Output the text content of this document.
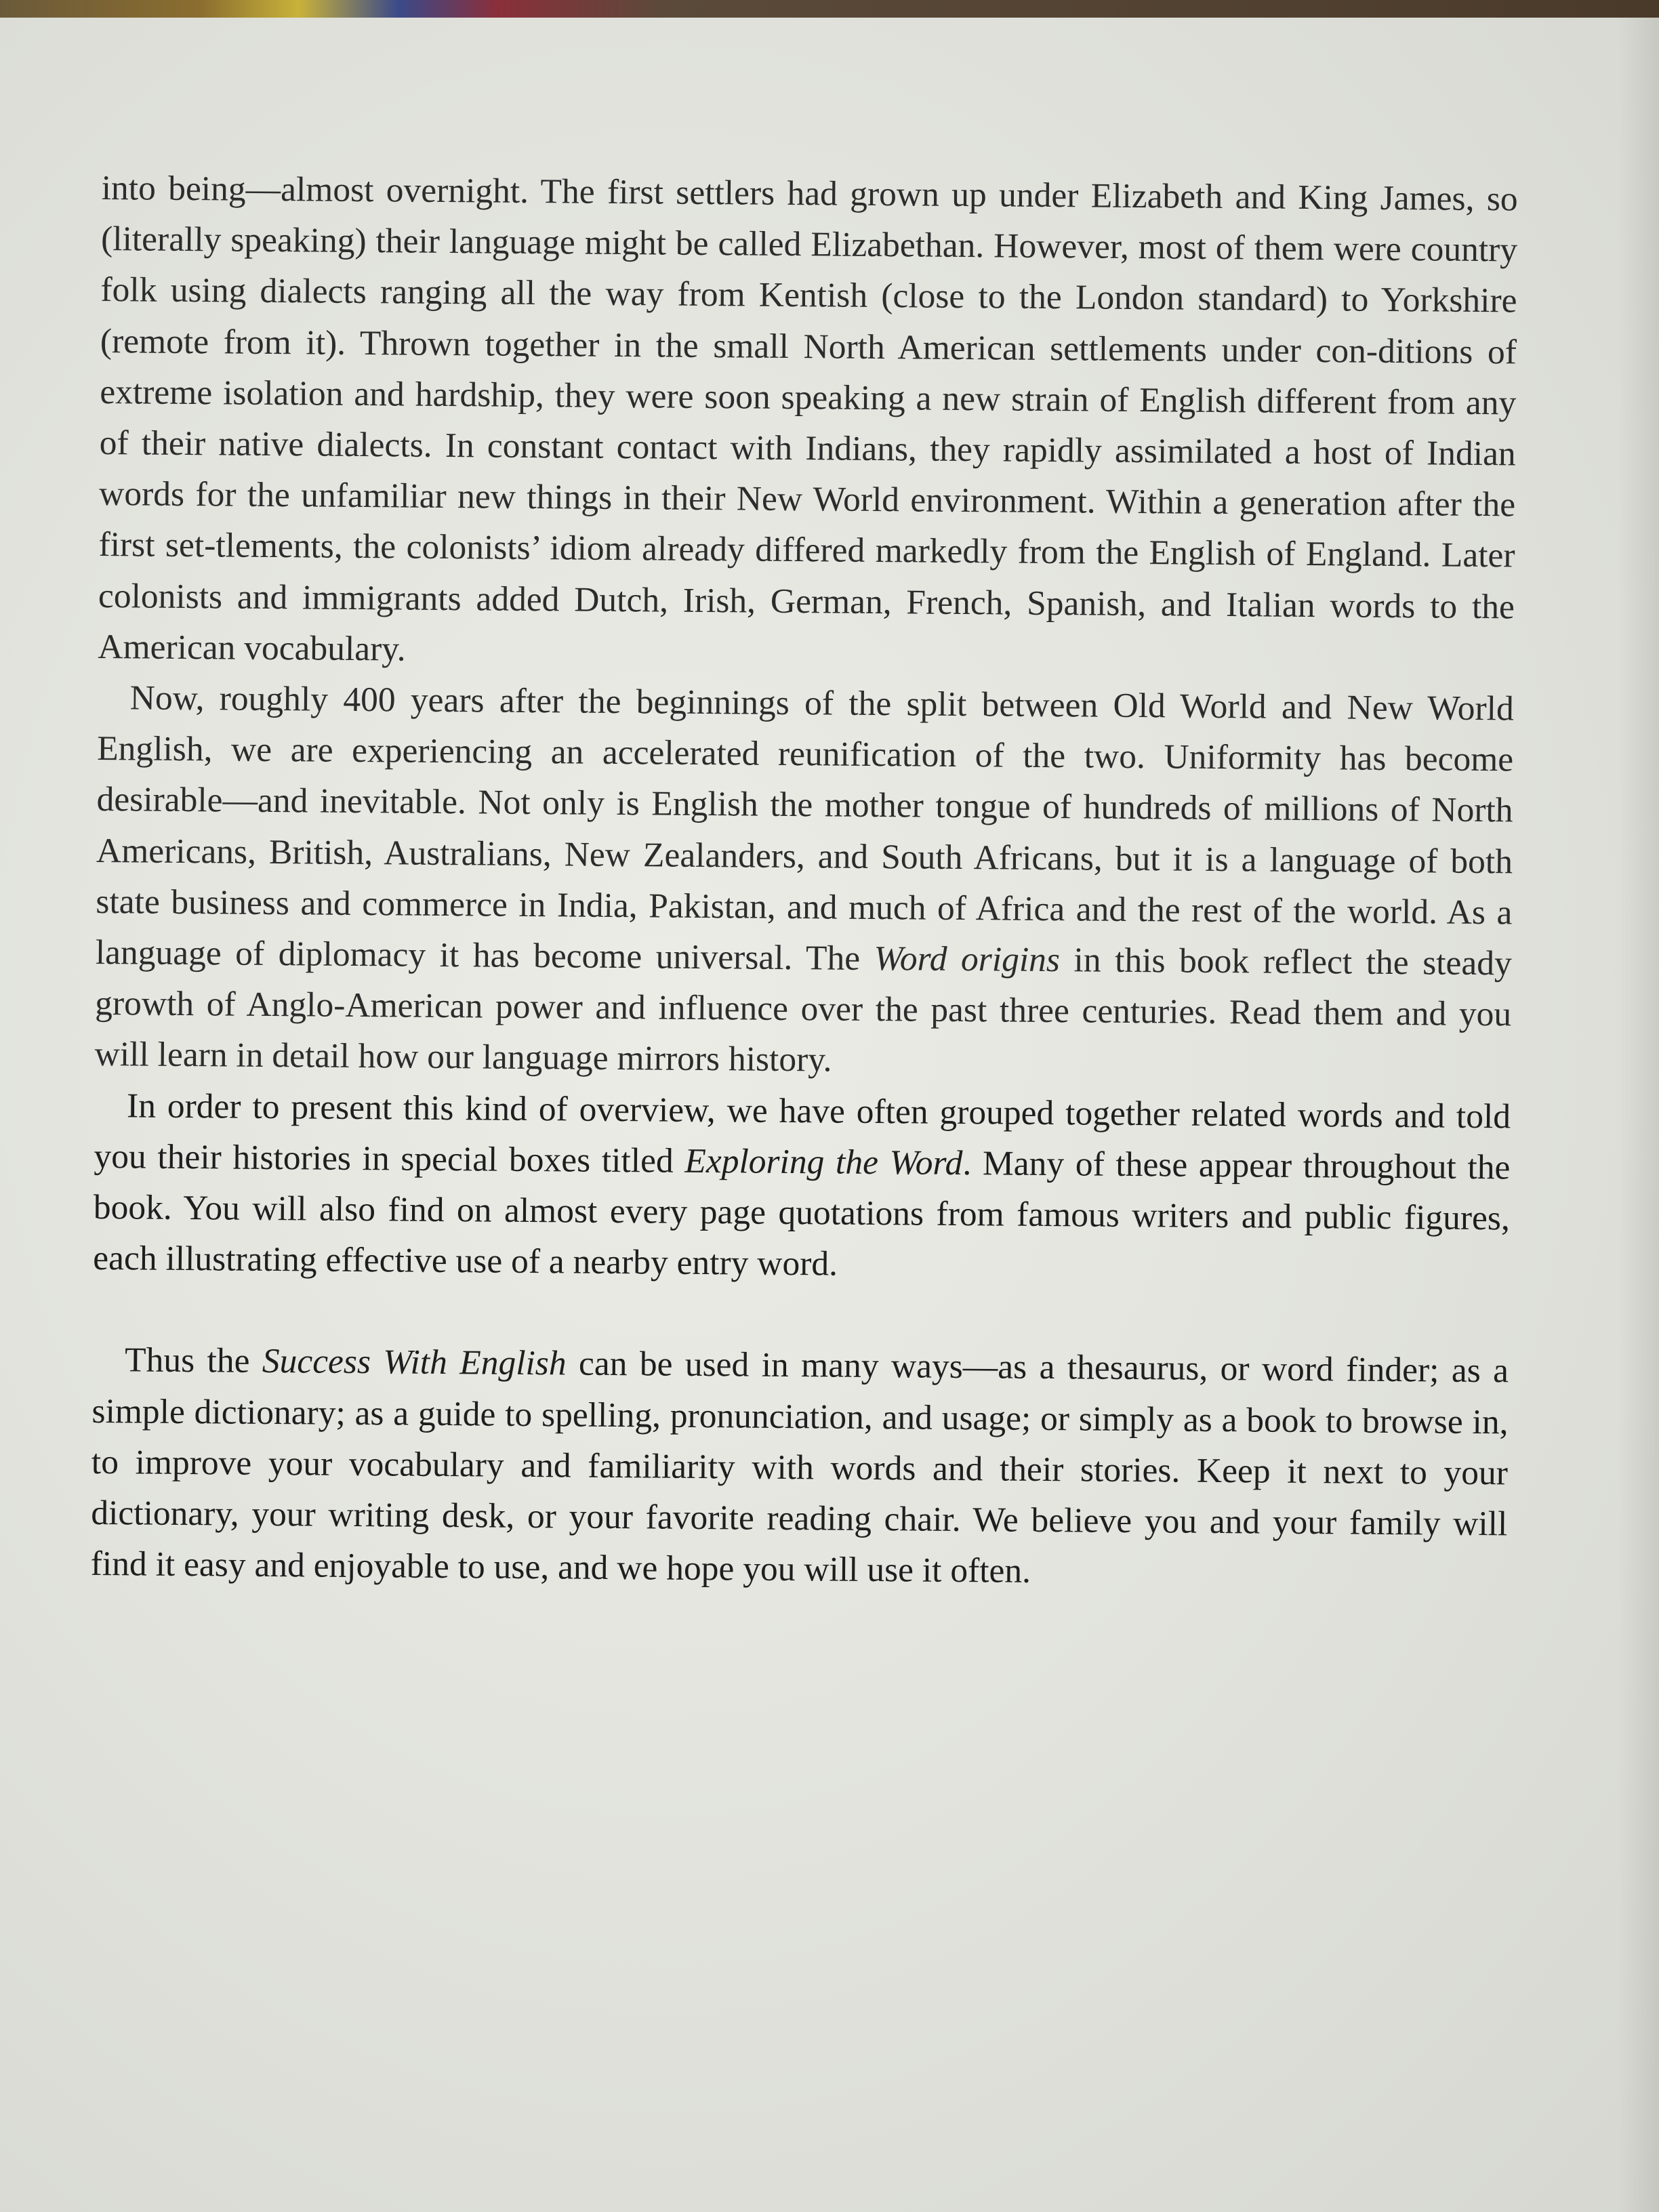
into being—almost overnight. The first settlers had grown up under Elizabeth and King James, so (literally speaking) their language might be called Elizabethan. However, most of them were country folk using dialects ranging all the way from Kentish (close to the London standard) to Yorkshire (remote from it). Thrown together in the small North American settlements under con-ditions of extreme isolation and hardship, they were soon speaking a new strain of English different from any of their native dialects. In constant contact with Indians, they rapidly assimilated a host of Indian words for the unfamiliar new things in their New World environment. Within a generation after the first set-tlements, the colonists’ idiom already differed markedly from the English of England. Later colonists and immigrants added Dutch, Irish, German, French, Spanish, and Italian words to the American vocabulary.

Now, roughly 400 years after the beginnings of the split between Old World and New World English, we are experiencing an accelerated reunification of the two. Uniformity has become desirable—and inevitable. Not only is English the mother tongue of hundreds of millions of North Americans, British, Australians, New Zealanders, and South Africans, but it is a language of both state business and commerce in India, Pakistan, and much of Africa and the rest of the world. As a language of diplomacy it has become universal. The Word origins in this book reflect the steady growth of Anglo-American power and influence over the past three centuries. Read them and you will learn in detail how our language mirrors history.

In order to present this kind of overview, we have often grouped together related words and told you their histories in special boxes titled Exploring the Word. Many of these appear throughout the book. You will also find on almost every page quotations from famous writers and public figures, each illustrating effective use of a nearby entry word.

Thus the Success With English can be used in many ways—as a thesaurus, or word finder; as a simple dictionary; as a guide to spelling, pronunciation, and usage; or simply as a book to browse in, to improve your vocabulary and familiarity with words and their stories. Keep it next to your dictionary, your writing desk, or your favorite reading chair. We believe you and your family will find it easy and enjoyable to use, and we hope you will use it often.
